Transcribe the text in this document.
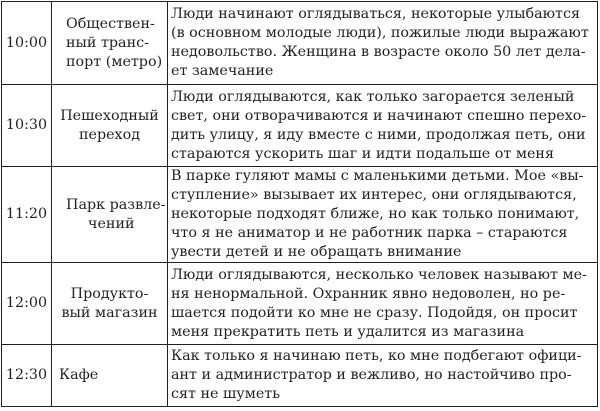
10:00	Обществен-
ный транс-
порт (метро)	Люди начинают оглядываться, некоторые улыбаются
(в основном молодые люди), пожилые люди выражают
недовольство. Женщина в возрасте около 50 лет дела-
ет замечание

10:30	Пешеходный
переход	Люди оглядываются, как только загорается зеленый
свет, они отворачиваются и начинают спешно перехо-
дить улицу, я иду вместе с ними, продолжая петь, они
стараются ускорить шаг и идти подальше от меня

11:20	Парк развле-
чений	В парке гуляют мамы с маленькими детьми. Мое «вы-
ступление» вызывает их интерес, они оглядываются,
некоторые подходят ближе, но как только понимают,
что я не аниматор и не работник парка – стараются
увести детей и не обращать внимание

12:00	Продукто-
вый магазин	Люди оглядываются, несколько человек называют ме-
ня ненормальной. Охранник явно недоволен, но ре-
шается подойти ко мне не сразу. Подойдя, он просит
меня прекратить петь и удалится из магазина

12:30	Кафе	Как только я начинаю петь, ко мне подбегают офици-
ант и администратор и вежливо, но настойчиво про-
сят не шуметь
